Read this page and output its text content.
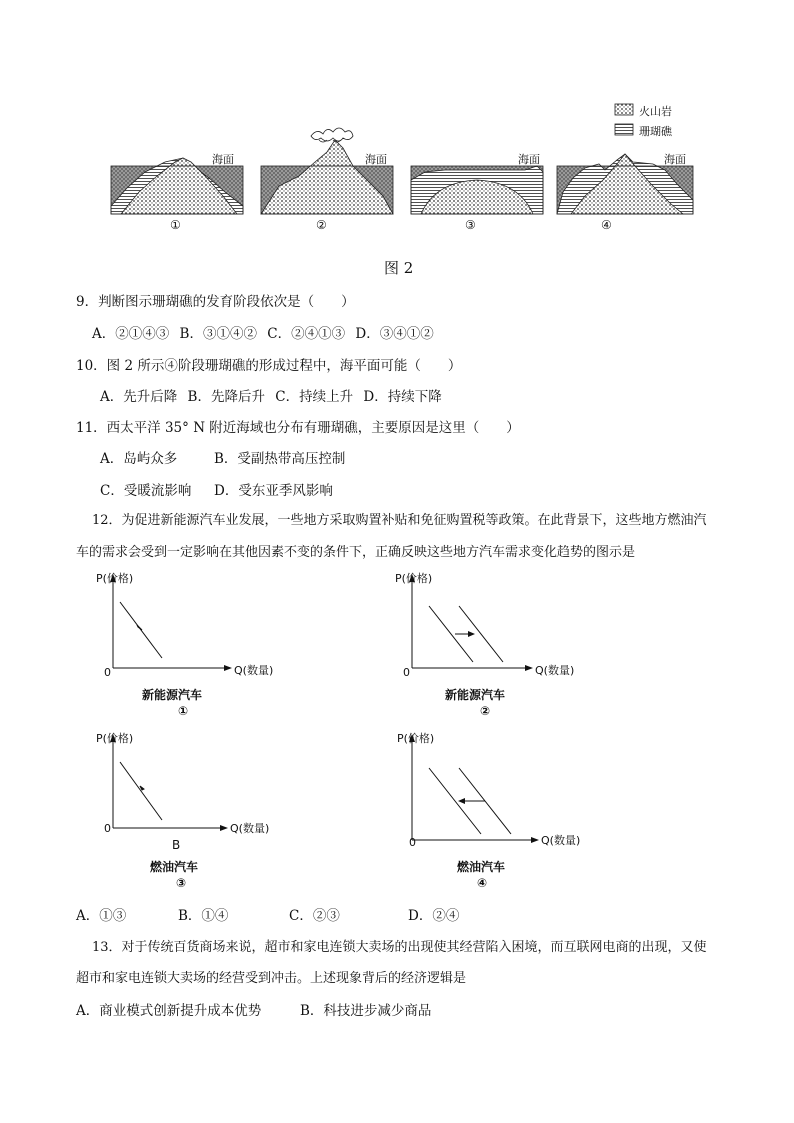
火山岩
珊瑚礁
海面	海面	海面	海面
①	②	③	④
图 2
9．判断图示珊瑚礁的发育阶段依次是（　　）
A．②①④③ B．③①④② C．②④①③ D．③④①②
10．图 2 所示④阶段珊瑚礁的形成过程中，海平面可能（　　）
A．先升后降 B．先降后升 C．持续上升 D．持续下降
11．西太平洋 35° N 附近海域也分布有珊瑚礁，主要原因是这里（　　）
A．岛屿众多	B．受副热带高压控制
C．受暖流影响 D．受东亚季风影响
12．为促进新能源汽车业发展，一些地方采取购置补贴和免征购置税等政策。在此背景下，这些地方燃油汽
车的需求会受到一定影响在其他因素不变的条件下，正确反映这些地方汽车需求变化趋势的图示是
P(价格)
0	Q(数量)
新能源汽车
①
P(价格)
0	Q(数量)
新能源汽车
②
P(价格)
0	Q(数量)
B
燃油汽车
③
P(价格)
0	Q(数量)
燃油汽车
④
A．①③	B．①④	C．②③	D．②④
13．对于传统百货商场来说，超市和家电连锁大卖场的出现使其经营陷入困境，而互联网电商的出现，又使
超市和家电连锁大卖场的经营受到冲击。上述现象背后的经济逻辑是
A．商业模式创新提升成本优势	B．科技进步减少商品
